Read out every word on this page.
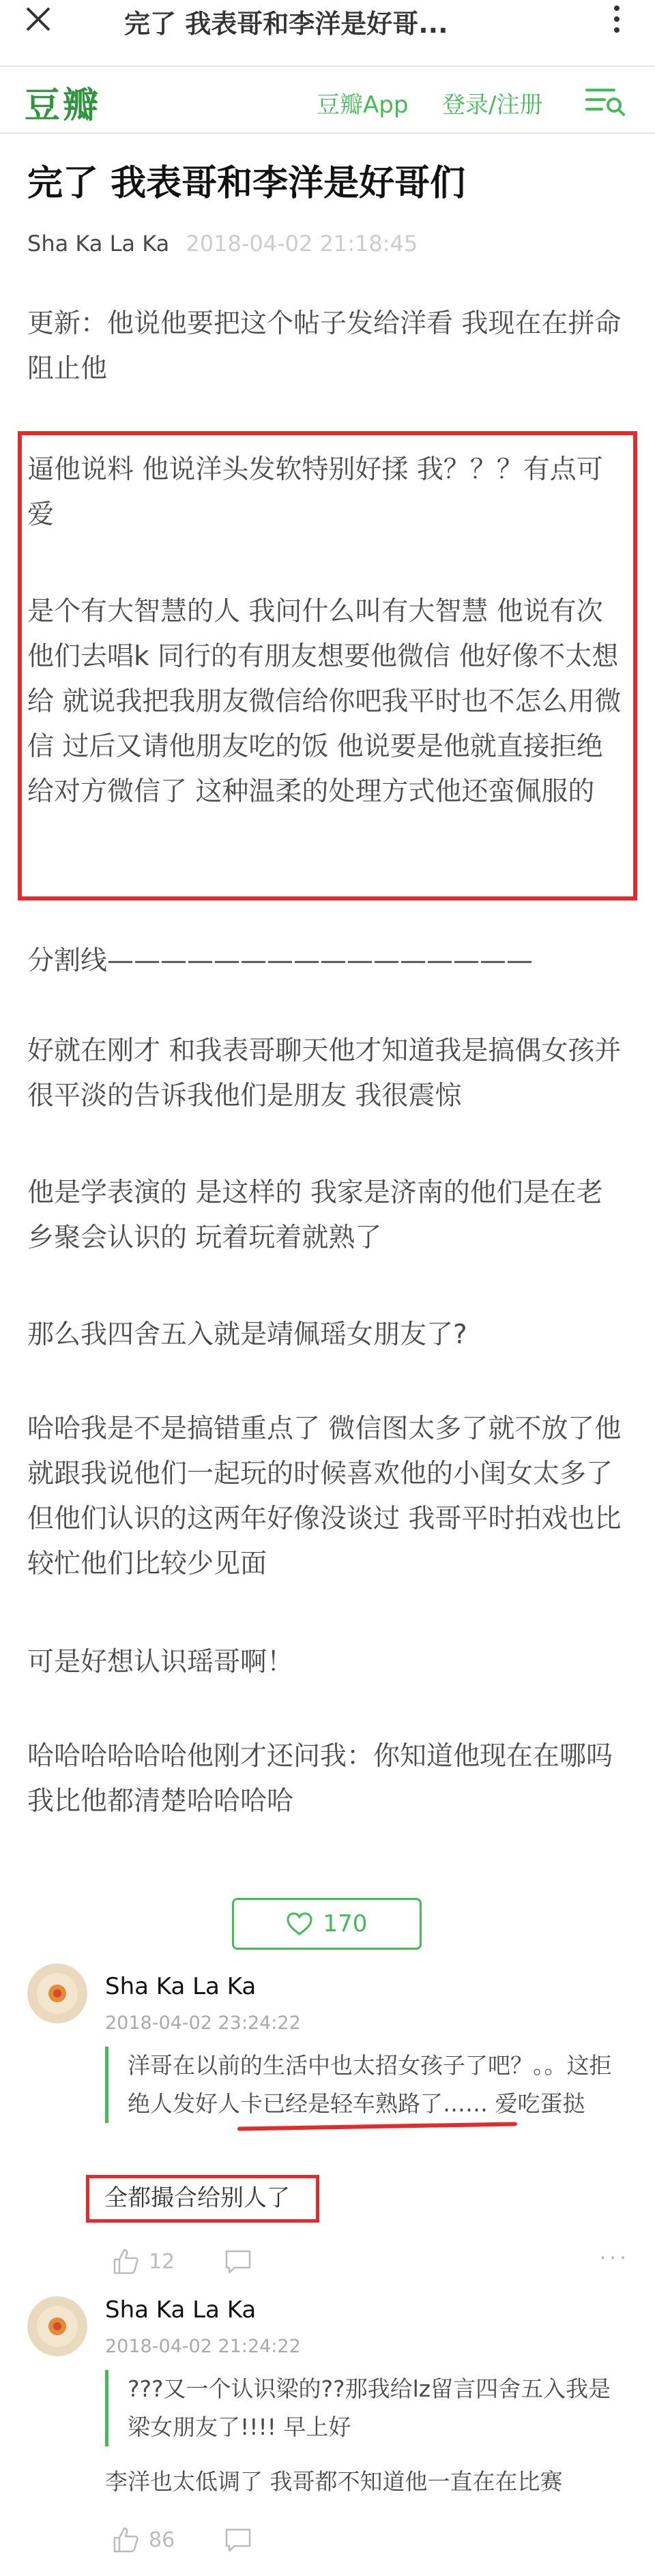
完了 我表哥和李洋是好哥...
豆瓣	豆瓣App 登录/注册
完了 我表哥和李洋是好哥们
Sha Ka La Ka 2018-04-02 21:18:45

更新：他说他要把这个帖子发给洋看 我现在在拼命阻止他

逼他说料 他说洋头发软特别好揉 我？？？有点可爱

是个有大智慧的人 我问什么叫有大智慧 他说有次他们去唱k 同行的有朋友想要他微信 他好像不太想给 就说我把我朋友微信给你吧我平时也不怎么用微信 过后又请他朋友吃的饭 他说要是他就直接拒绝给对方微信了 这种温柔的处理方式他还蛮佩服的

分割线————————————————

好就在刚才 和我表哥聊天他才知道我是搞偶女孩并很平淡的告诉我他们是朋友 我很震惊

他是学表演的 是这样的 我家是济南的他们是在老乡聚会认识的 玩着玩着就熟了

那么我四舍五入就是靖佩瑶女朋友了?

哈哈我是不是搞错重点了 微信图太多了就不放了他就跟我说他们一起玩的时候喜欢他的小闺女太多了 但他们认识的这两年好像没谈过 我哥平时拍戏也比较忙他们比较少见面

可是好想认识瑶哥啊！

哈哈哈哈哈哈他刚才还问我：你知道他现在在哪吗 我比他都清楚哈哈哈哈

170
Sha Ka La Ka
2018-04-02 23:24:22
洋哥在以前的生活中也太招女孩子了吧？。。这拒绝人发好人卡已经是轻车熟路了…… 爱吃蛋挞
全都撮合给别人了
12	···
Sha Ka La Ka
2018-04-02 21:24:22
???又一个认识梁的??那我给lz留言四舍五入我是梁女朋友了!!!! 早上好
李洋也太低调了 我哥都不知道他一直在在比赛
86
